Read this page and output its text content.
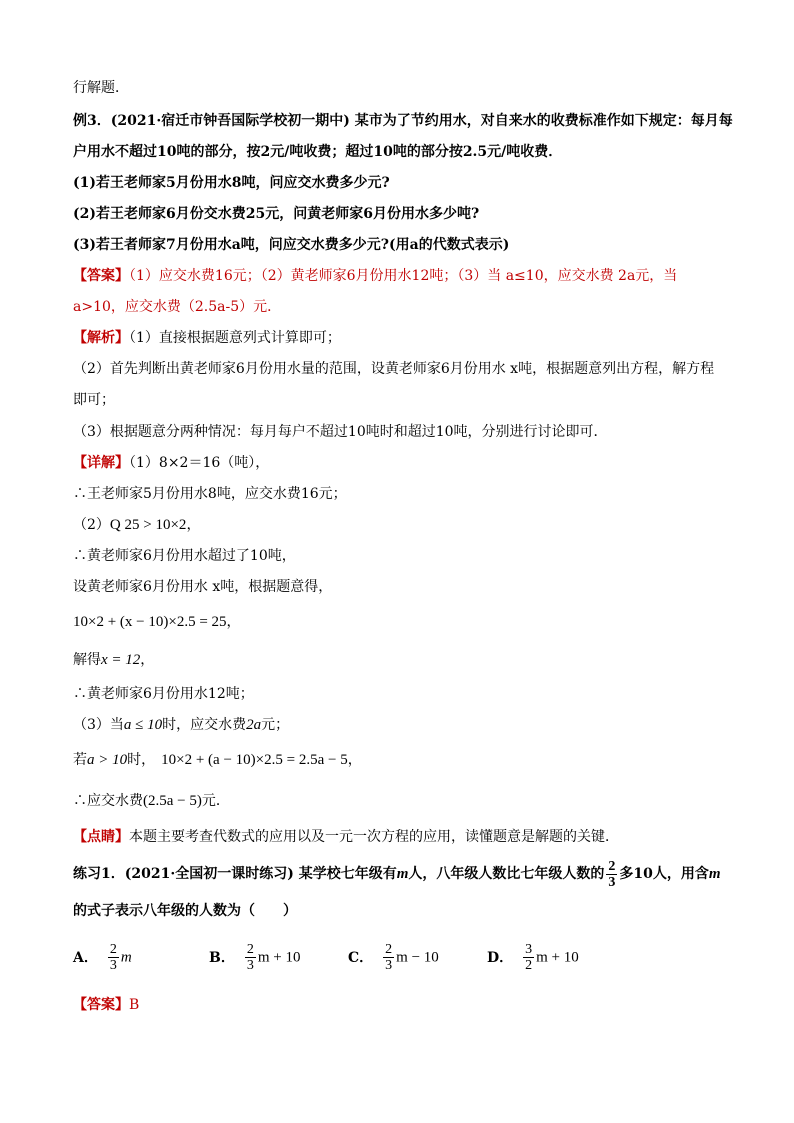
行解题．
例3．(2021·宿迁市钟吾国际学校初一期中) 某市为了节约用水，对自来水的收费标准作如下规定：每月每
户用水不超过10吨的部分，按2元/吨收费；超过10吨的部分按2.5元/吨收费．
(1)若王老师家5月份用水8吨，问应交水费多少元?
(2)若王老师家6月份交水费25元，问黄老师家6月份用水多少吨?
(3)若王者师家7月份用水a吨，问应交水费多少元?(用a的代数式表示)
【答案】（1）应交水费16元；（2）黄老师家6月份用水12吨；（3）当 a≤10，应交水费 2a元，当
a>10，应交水费（2.5a-5）元．
【解析】（1）直接根据题意列式计算即可；
（2）首先判断出黄老师家6月份用水量的范围，设黄老师家6月份用水 x吨，根据题意列出方程，解方程
即可；
（3）根据题意分两种情况：每月每户不超过10吨时和超过10吨，分别进行讨论即可．
【详解】（1）8×2＝16（吨），
∴王老师家5月份用水8吨，应交水费16元；
（2）Q 25 > 10×2，
∴黄老师家6月份用水超过了10吨，
设黄老师家6月份用水 x吨，根据题意得，
10×2 + (x − 10)×2.5 = 25，
解得x = 12，
∴黄老师家6月份用水12吨；
（3）当a ≤ 10时，应交水费2a元；
若a > 10时， 10×2 + (a − 10)×2.5 = 2.5a − 5，
∴应交水费(2.5a − 5)元．
【点睛】本题主要考查代数式的应用以及一元一次方程的应用，读懂题意是解题的关键．
练习1．(2021·全国初一课时练习) 某学校七年级有m人，八年级人数比七年级人数的 $\frac{2}{3}$ 多10人，用含m
的式子表示八年级的人数为（　　）
A． $\frac{2}{3}$ m	B． $\frac{2}{3}$ m + 10	C． $\frac{2}{3}$ m − 10	D． $\frac{3}{2}$ m + 10
【答案】B
